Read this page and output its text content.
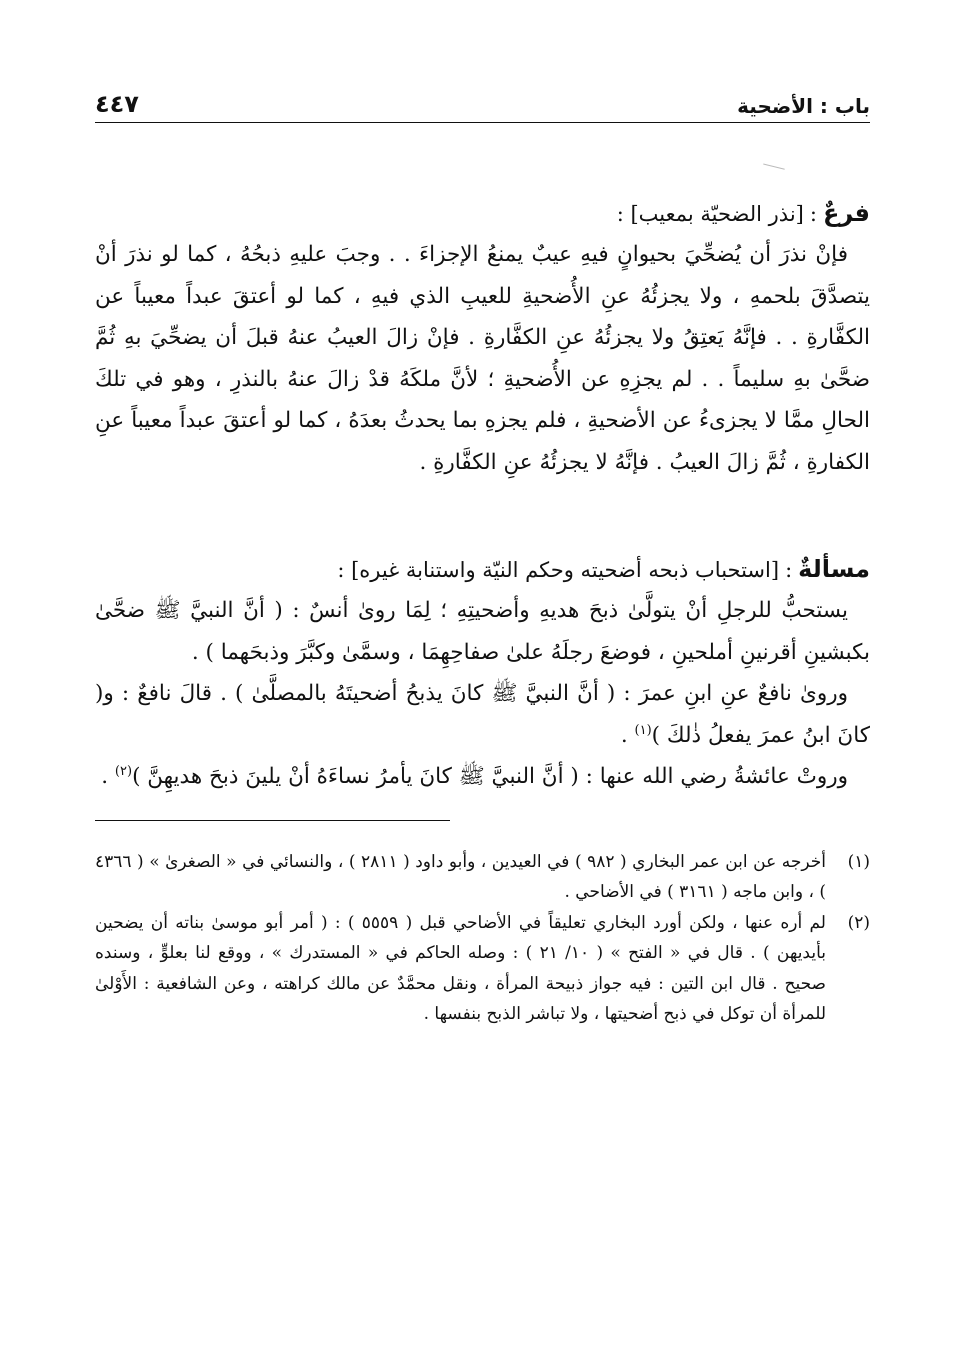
باب : الأضحية
٤٤٧
فرعٌ:[نذر الضحيّة بمعيب] :

فإنْ نذرَ أن يُضحِّيَ بحيوانٍ فيهِ عيبٌ يمنعُ الإجزاءَ . . وجبَ عليهِ ذبحُهُ ، كما لو نذرَ أنْ يتصدَّقَ بلحمهِ ، ولا يجزئُهُ عنِ الأُضحيةِ للعيبِ الذي فيهِ ، كما لو أعتقَ عبداً معيباً عن الكفَّارةِ . . فإنَّهُ يَعتِقُ ولا يجزئُهُ عنِ الكفَّارةِ . فإنْ زالَ العيبُ عنهُ قبلَ أن يضحِّيَ بهِ ثُمَّ ضحَّىٰ بهِ سليماً . . لم يجزِهِ عن الأُضحيةِ ؛ لأنَّ ملكَهُ قدْ زالَ عنهُ بالنذرِ ، وهو في تلكَ الحالِ ممَّا لا يجزىءُ عن الأضحيةِ ، فلم يجزهِ بما يحدثُ بعدَهُ ، كما لو أعتقَ عبداً معيباً عنِ الكفارةِ ، ثُمَّ زالَ العيبُ . فإنَّهُ لا يجزئُهُ عنِ الكفَّارةِ .

مسألةٌ:[استحباب ذبحه أضحيته وحكم النيّة واستنابة غيره] :

يستحبُّ للرجلِ أنْ يتولَّىٰ ذبحَ هديهِ وأضحيتِهِ ؛ لِمَا روىٰ أنسٌ : ( أنَّ النبيَّ ﷺ ضحَّىٰ بكبشينِ أقرنينِ أملحينِ ، فوضعَ رجلَهُ علىٰ صفاحِهِمَا ، وسمَّىٰ وكبَّرَ وذبحَهما ) .

ورویٰ نافعٌ عنِ ابنِ عمرَ : ( أنَّ النبيَّ ﷺ كانَ يذبحُ أضحيتَهُ بالمصلَّىٰ ) . قالَ نافعٌ : و( كانَ ابنُ عمرَ يفعلُ ذٰلكَ )$^{(١)}$ .

وروتْ عائشةُ رضي الله عنها : ( أنَّ النبيَّ ﷺ كانَ يأمرُ نساءَهُ أنْ يلينَ ذبحَ هديهِنَّ )$^{(٢)}$ .

(١)
أخرجه عن ابن عمر البخاري ( ٩٨٢ ) في العيدين ، وأبو داود ( ٢٨١١ ) ، والنسائي في « الصغرىٰ » ( ٤٣٦٦ ) ، وابن ماجه ( ٣١٦١ ) في الأضاحي .
(٢)
لم أره عنها ، ولكن أورد البخاري تعليقاً في الأضاحي قبل ( ٥٥٥٩ ) : ( أمر أبو موسىٰ بناته أن يضحين بأيديهن ) . قال في « الفتح » ( ١٠/ ٢١ ) : وصله الحاكم في « المستدرك » ، ووقع لنا بعلوٍّ ، وسنده صحيح . قال ابن التين : فيه جواز ذبيحة المرأة ، ونقل محمَّدٌ عن مالك كراهته ، وعن الشافعية : الأَوْلىٰ للمرأة أن توكل في ذبح أضحيتها ، ولا تباشر الذبح بنفسها .
